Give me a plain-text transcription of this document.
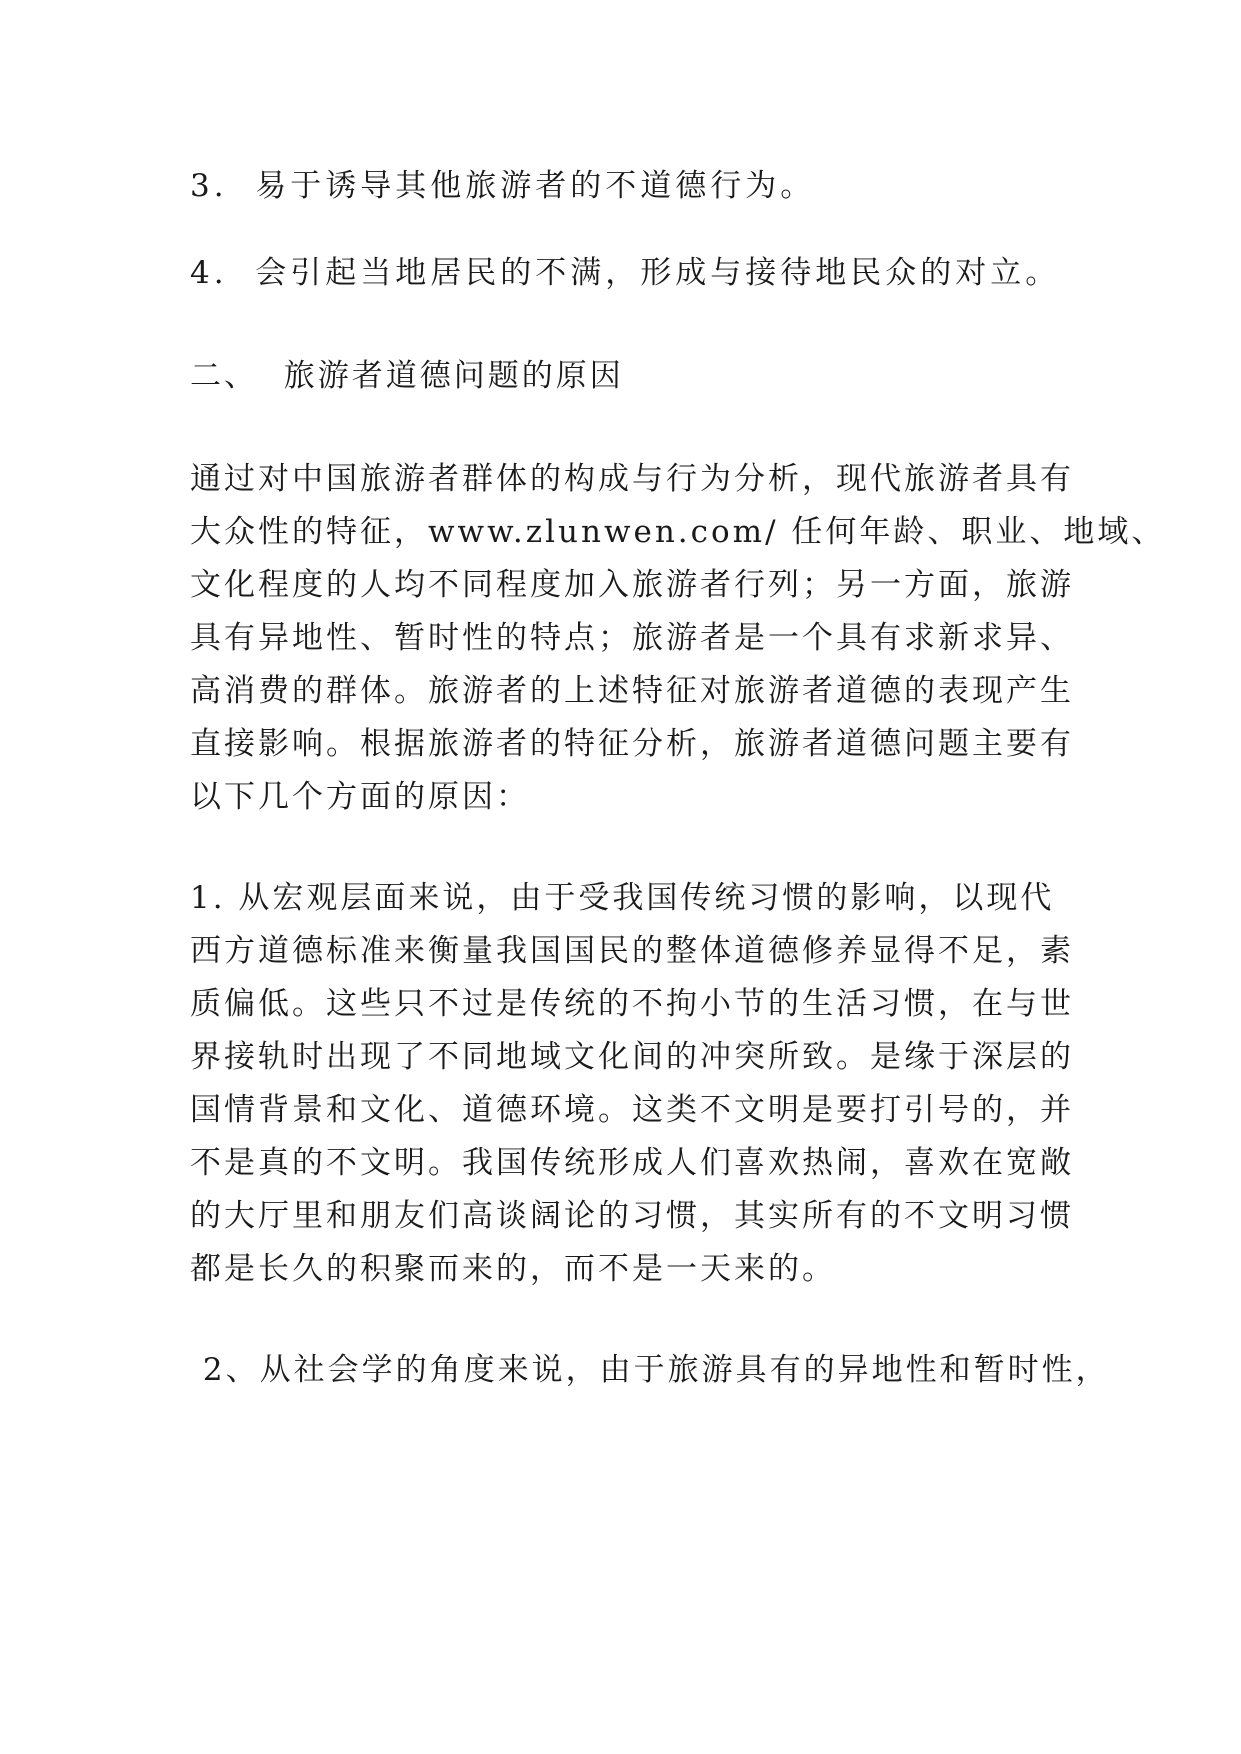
3.  易于诱导其他旅游者的不道德行为。
4.  会引起当地居民的不满，形成与接待地民众的对立。
二、  旅游者道德问题的原因
通过对中国旅游者群体的构成与行为分析，现代旅游者具有
大众性的特征，www.zlunwen.com/ 任何年龄、职业、地域、
文化程度的人均不同程度加入旅游者行列；另一方面，旅游
具有异地性、暂时性的特点；旅游者是一个具有求新求异、
高消费的群体。旅游者的上述特征对旅游者道德的表现产生
直接影响。根据旅游者的特征分析，旅游者道德问题主要有
以下几个方面的原因：
1. 从宏观层面来说，由于受我国传统习惯的影响，以现代
西方道德标准来衡量我国国民的整体道德修养显得不足，素
质偏低。这些只不过是传统的不拘小节的生活习惯，在与世
界接轨时出现了不同地域文化间的冲突所致。是缘于深层的
国情背景和文化、道德环境。这类不文明是要打引号的，并
不是真的不文明。我国传统形成人们喜欢热闹，喜欢在宽敞
的大厅里和朋友们高谈阔论的习惯，其实所有的不文明习惯
都是长久的积聚而来的，而不是一天来的。
2、从社会学的角度来说，由于旅游具有的异地性和暂时性，
